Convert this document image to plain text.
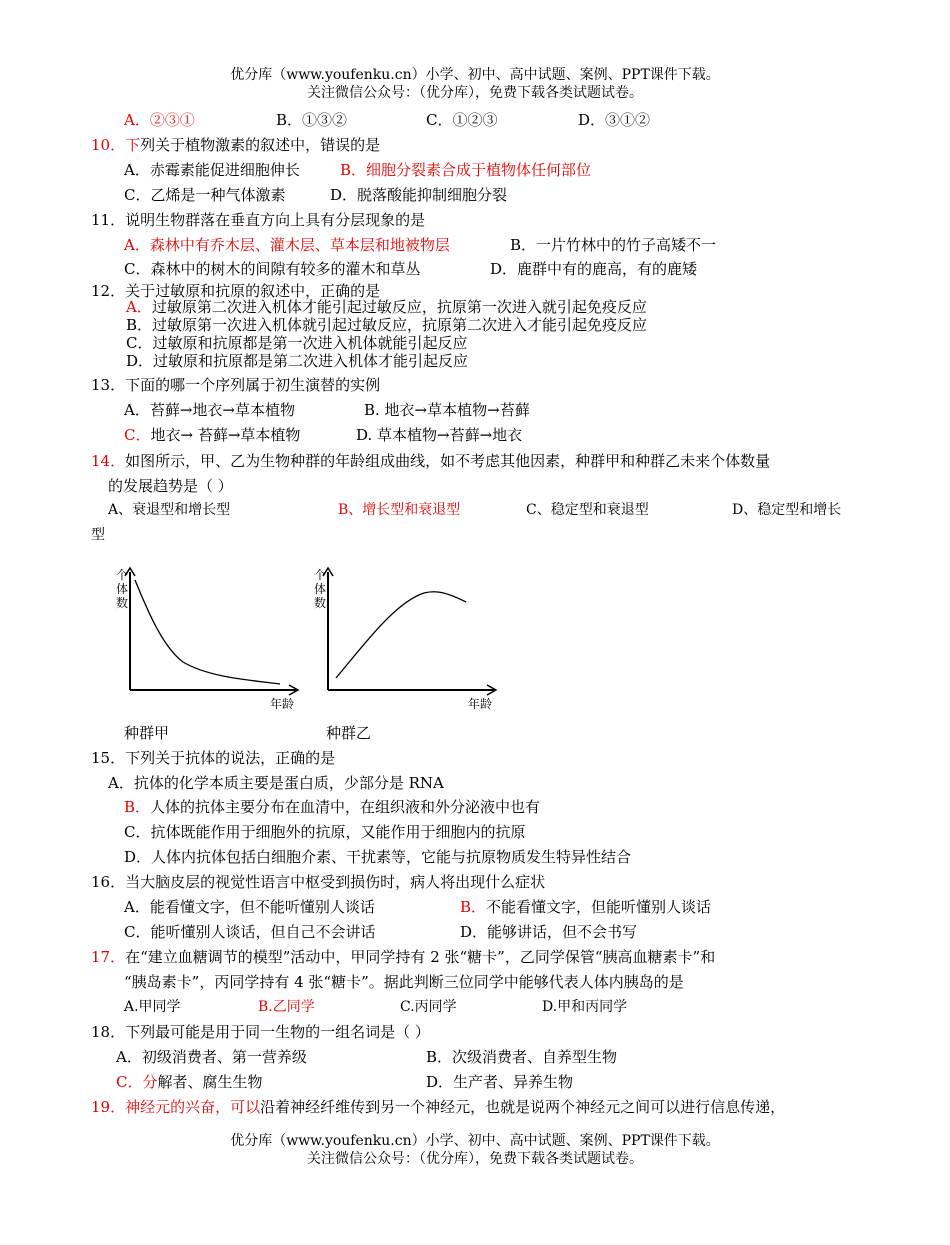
优分库（www.youfenku.cn）小学、初中、高中试题、案例、PPT课件下载。
关注微信公众号：（优分库），免费下载各类试题试卷。
A．②③①	B．①③②	C．①②③	D．③①②
10．下列关于植物激素的叙述中，错误的是
A．赤霉素能促进细胞伸长	B．细胞分裂素合成于植物体任何部位
C．乙烯是一种气体激素	D．脱落酸能抑制细胞分裂
11．说明生物群落在垂直方向上具有分层现象的是
A．森林中有乔木层、灌木层、草本层和地被物层	B．一片竹林中的竹子高矮不一
C．森林中的树木的间隙有较多的灌木和草丛	D．鹿群中有的鹿高，有的鹿矮
12．关于过敏原和抗原的叙述中，正确的是
A．过敏原第二次进入机体才能引起过敏反应，抗原第一次进入就引起免疫反应
B．过敏原第一次进入机体就引起过敏反应，抗原第二次进入才能引起免疫反应
C．过敏原和抗原都是第一次进入机体就能引起反应
D．过敏原和抗原都是第二次进入机体才能引起反应
13．下面的哪一个序列属于初生演替的实例
A．苔藓→地衣→草本植物	B. 地衣→草本植物→苔藓
C．地衣→ 苔藓→草本植物	D. 草本植物→苔藓→地衣
14．如图所示，甲、乙为生物种群的年龄组成曲线，如不考虑其他因素，种群甲和种群乙未来个体数量
的发展趋势是（ ）
A、衰退型和增长型	B、增长型和衰退型	C、稳定型和衰退型	D、稳定型和增长
型
个
体
数
年龄
个
体
数
年龄
种群甲	种群乙
15．下列关于抗体的说法，正确的是
A．抗体的化学本质主要是蛋白质，少部分是 RNA
B．人体的抗体主要分布在血清中，在组织液和外分泌液中也有
C．抗体既能作用于细胞外的抗原，又能作用于细胞内的抗原
D．人体内抗体包括白细胞介素、干扰素等，它能与抗原物质发生特异性结合
16．当大脑皮层的视觉性语言中枢受到损伤时，病人将出现什么症状
A．能看懂文字，但不能听懂别人谈话	B．不能看懂文字，但能听懂别人谈话
C．能听懂别人谈话，但自己不会讲话	D．能够讲话，但不会书写
17．在“建立血糖调节的模型”活动中，甲同学持有 2 张“糖卡”，乙同学保管“胰高血糖素卡”和
“胰岛素卡”，丙同学持有 4 张“糖卡”。据此判断三位同学中能够代表人体内胰岛的是
A.甲同学	B.乙同学	C.丙同学	D.甲和丙同学
18．下列最可能是用于同一生物的一组名词是（ ）
A．初级消费者、第一营养级	B．次级消费者、自养型生物
C．分解者、腐生生物	D．生产者、异养生物
19．神经元的兴奋，可以沿着神经纤维传到另一个神经元，也就是说两个神经元之间可以进行信息传递，
优分库（www.youfenku.cn）小学、初中、高中试题、案例、PPT课件下载。
关注微信公众号：（优分库），免费下载各类试题试卷。
